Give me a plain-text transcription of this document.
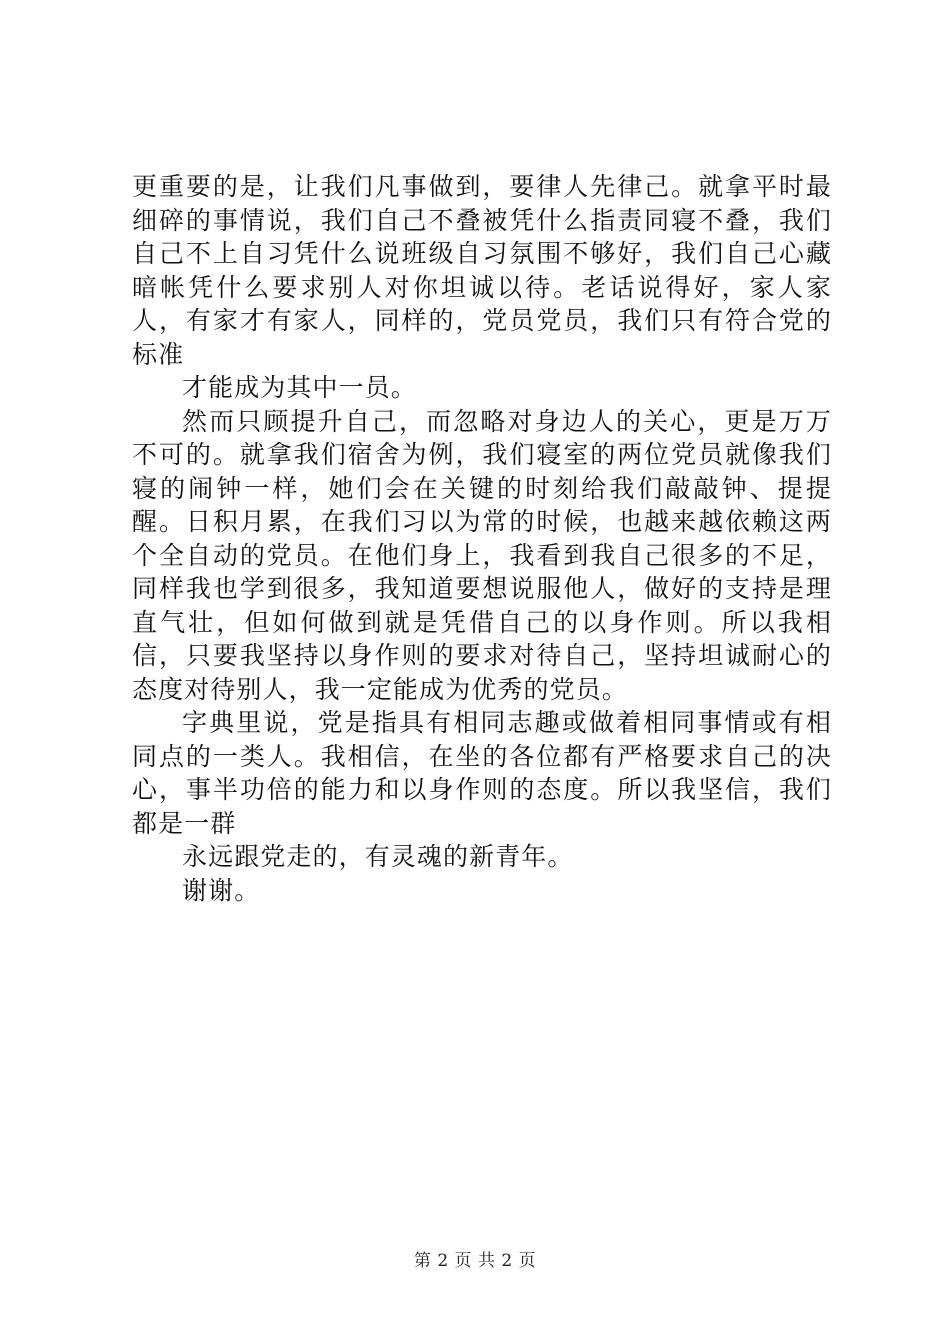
更重要的是，让我们凡事做到，要律人先律己。就拿平时最细碎的事情说，我们自己不叠被凭什么指责同寝不叠，我们自己不上自习凭什么说班级自习氛围不够好，我们自己心藏暗帐凭什么要求别人对你坦诚以待。老话说得好，家人家人，有家才有家人，同样的，党员党员，我们只有符合党的标准

才能成为其中一员。

然而只顾提升自己，而忽略对身边人的关心，更是万万不可的。就拿我们宿舍为例，我们寝室的两位党员就像我们寝的闹钟一样，她们会在关键的时刻给我们敲敲钟、提提醒。日积月累，在我们习以为常的时候，也越来越依赖这两个全自动的党员。在他们身上，我看到我自己很多的不足，同样我也学到很多，我知道要想说服他人，做好的支持是理直气壮，但如何做到就是凭借自己的以身作则。所以我相信，只要我坚持以身作则的要求对待自己，坚持坦诚耐心的态度对待别人，我一定能成为优秀的党员。

字典里说，党是指具有相同志趣或做着相同事情或有相同点的一类人。我相信，在坐的各位都有严格要求自己的决心，事半功倍的能力和以身作则的态度。所以我坚信，我们都是一群

永远跟党走的，有灵魂的新青年。

谢谢。

第 2 页 共 2 页
